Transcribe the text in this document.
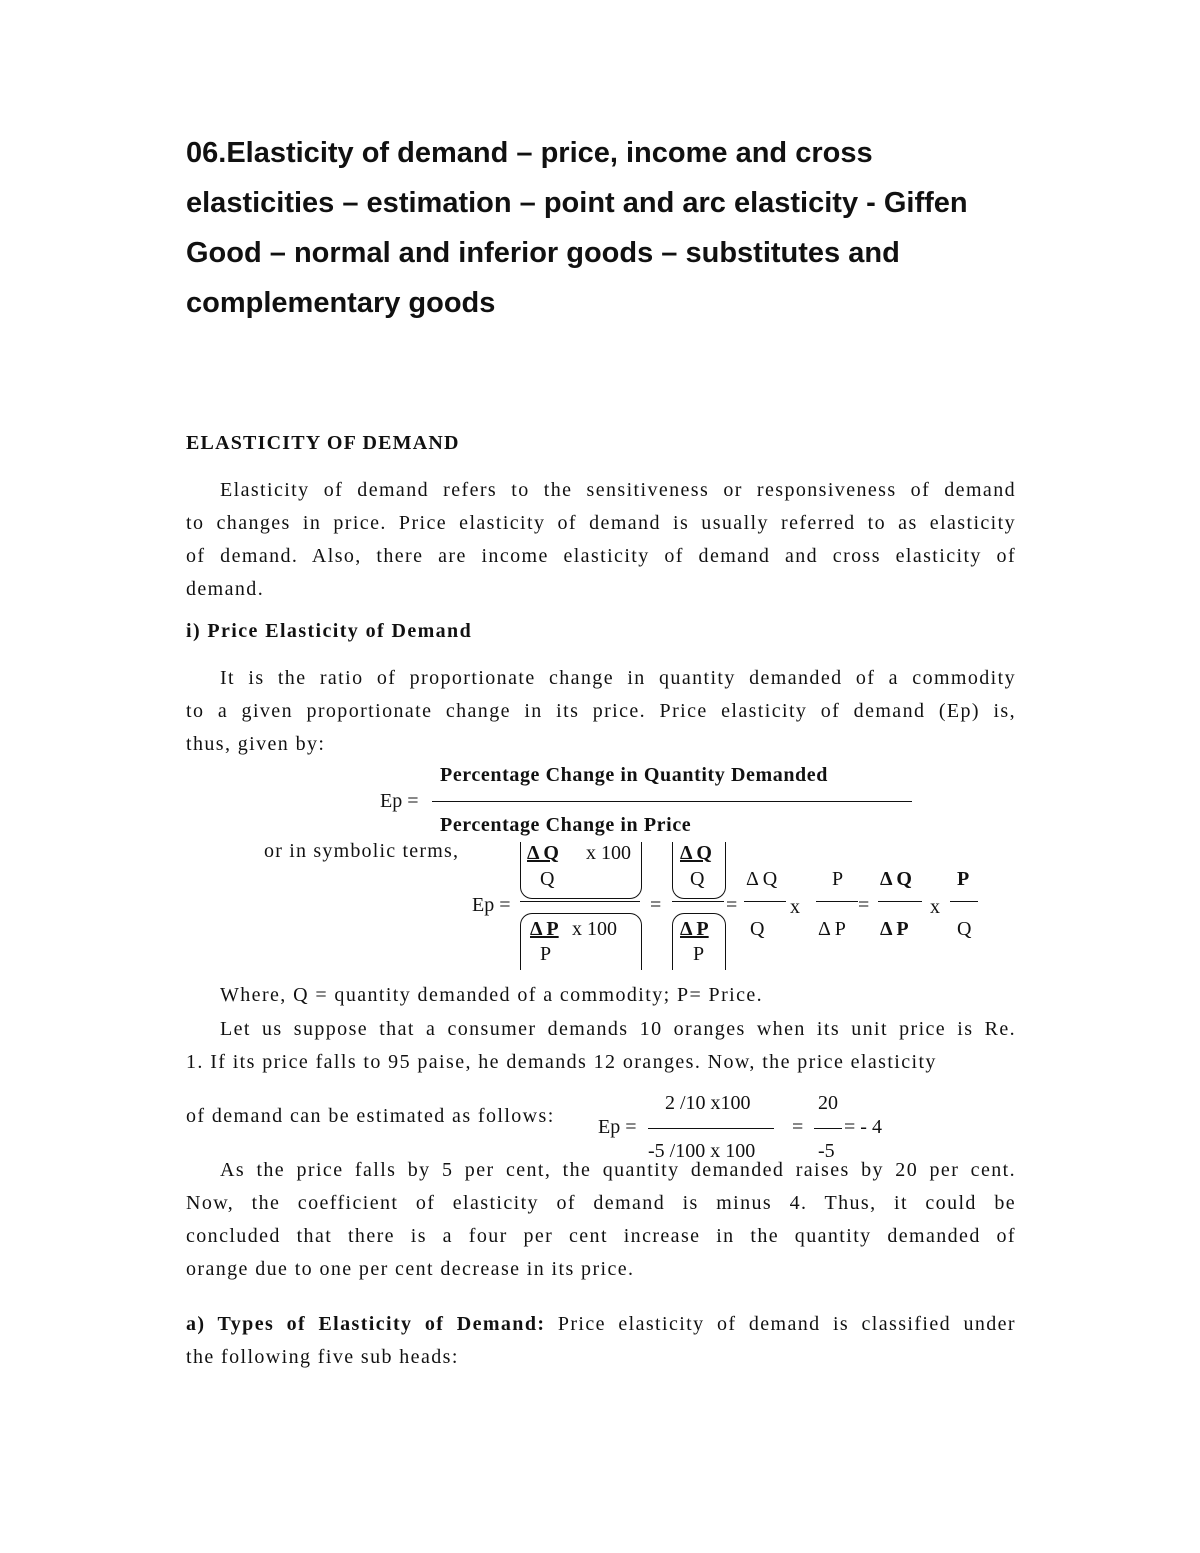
06.Elasticity of demand – price, income and cross
elasticities – estimation – point and arc elasticity - Giffen
Good – normal and inferior goods – substitutes and
complementary goods
ELASTICITY OF DEMAND
Elasticity of demand refers to the sensitiveness or responsiveness of demand
to changes in price. Price elasticity of demand is usually referred to as elasticity
of demand. Also, there are income elasticity of demand and cross elasticity of
demand.
i) Price Elasticity of Demand
It is the ratio of proportionate change in quantity demanded of a commodity
to a given proportionate change in its price. Price elasticity of demand (Ep) is,
thus, given by:
Ep =
Percentage Change in Quantity Demanded
Percentage Change in Price
or in symbolic terms,
Ep =
Δ Q x 100
Q
Δ P x 100
P
=
Δ Q
Q
Δ P
P
=
Δ Q
Q
x
P
Δ P
=
Δ Q
Δ P
x
P
Q
Where, Q = quantity demanded of a commodity; P= Price.
Let us suppose that a consumer demands 10 oranges when its unit price is Re.
1. If its price falls to 95 paise, he demands 12 oranges. Now, the price elasticity
of demand can be estimated as follows: Ep =
2 /10 x100
-5 /100 x 100
=
20
-5
= - 4
As the price falls by 5 per cent, the quantity demanded raises by 20 per cent.
Now, the coefficient of elasticity of demand is minus 4. Thus, it could be
concluded that there is a four per cent increase in the quantity demanded of
orange due to one per cent decrease in its price.
a) Types of Elasticity of Demand: Price elasticity of demand is classified under
the following five sub heads:
